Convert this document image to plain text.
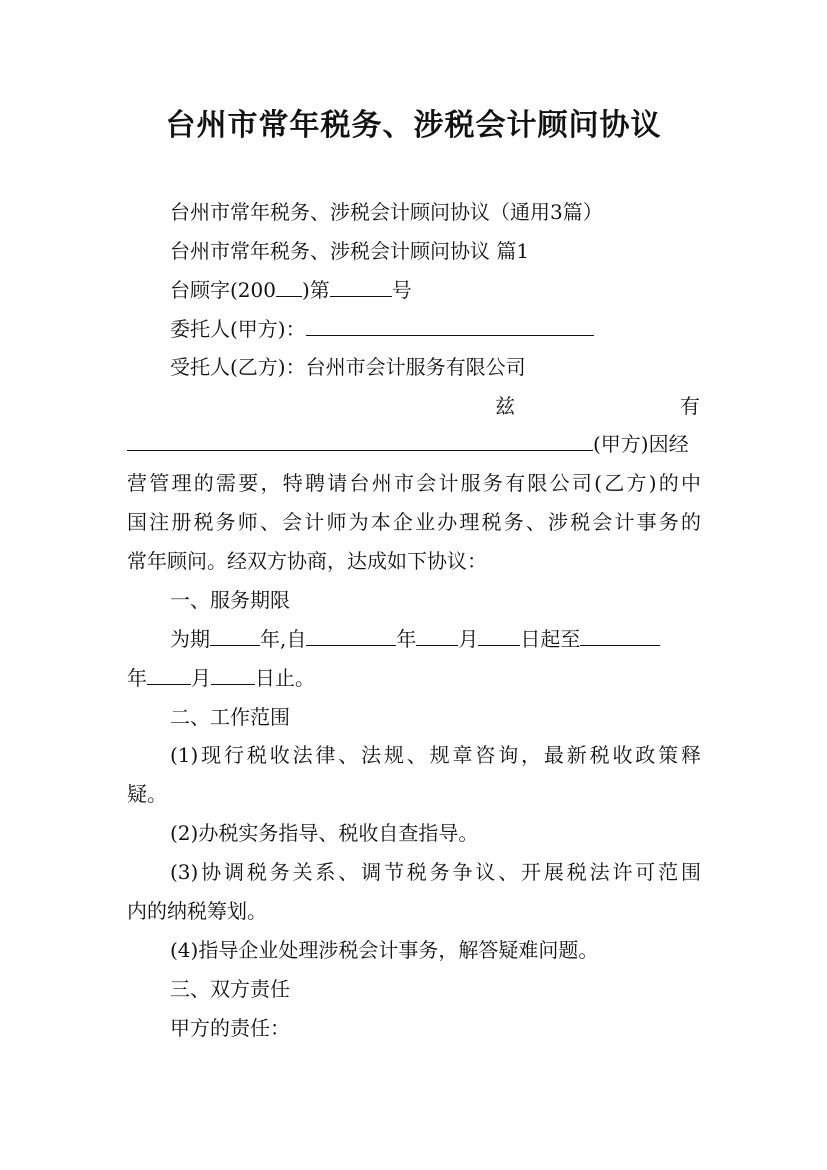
台州市常年税务、涉税会计顾问协议
台州市常年税务、涉税会计顾问协议（通用3篇）
台州市常年税务、涉税会计顾问协议 篇1
台顾字(200 )第	号
委托人(甲方)：
受托人(乙方)：台州市会计服务有限公司
兹	有
(甲方)因经
营管理的需要，特聘请台州市会计服务有限公司(乙方)的中
国注册税务师、会计师为本企业办理税务、涉税会计事务的
常年顾问。经双方协商，达成如下协议：
一、服务期限
为期	年,自	年 月 日起至
年 月 日止。
二、工作范围
(1)现行税收法律、法规、规章咨询，最新税收政策释
疑。
(2)办税实务指导、税收自查指导。
(3)协调税务关系、调节税务争议、开展税法许可范围
内的纳税筹划。
(4)指导企业处理涉税会计事务，解答疑难问题。
三、双方责任
甲方的责任：
